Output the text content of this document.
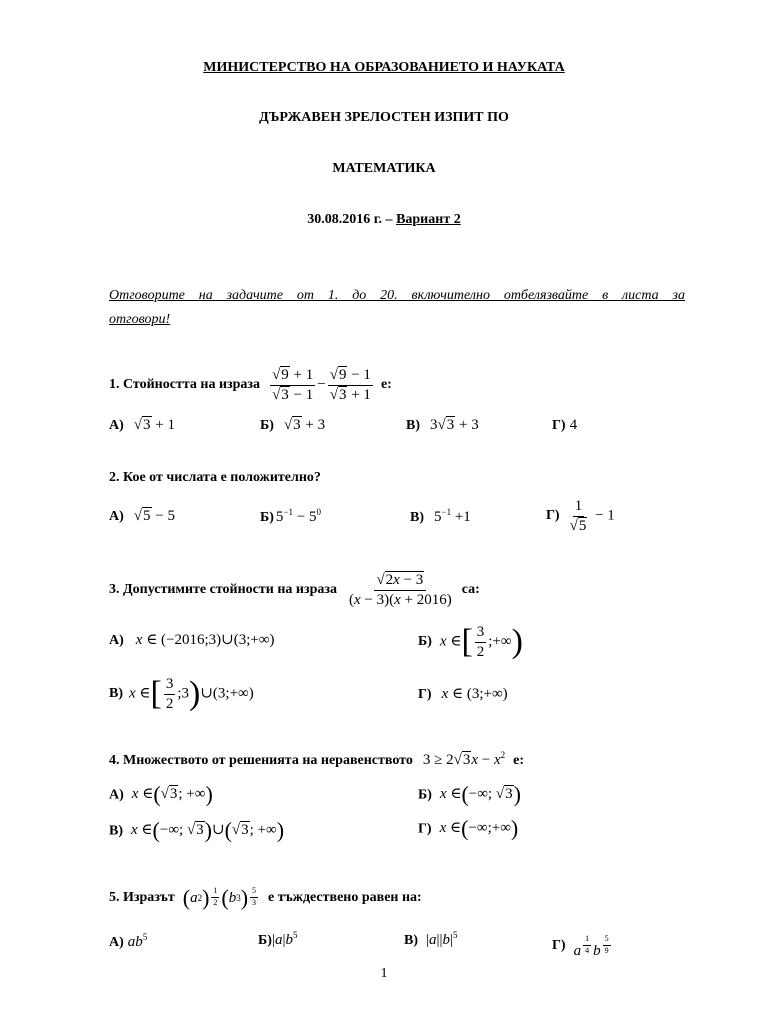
МИНИСТЕРСТВО НА ОБРАЗОВАНИЕТО И НАУКАТА
ДЪРЖАВЕН ЗРЕЛОСТЕН ИЗПИТ ПО
МАТЕМАТИКА
30.08.2016 г. – Вариант 2
Отговорите на задачите от 1. до 20. включително отбелязвайте в листа за
отговори!
1. Стойността на израза $\frac{√9 + 1}{√3 - 1} - \frac{√9 - 1}{√3 + 1} е$:
А) √3 + 1	Б) √3 + 3	В) 3√3 + 3	Г) 4
2. Кое от числата е положително?
А) √5 − 5	Б) $5^{-1} - 5^0$	В) $5^{-1} +1$	$Г) \frac{1}{√5} - 1$
3. Допустимите стойности на израза $\frac{√2x - 3}{(x - 3)(x + 2016)}$ са:
А) x ∈ (−2016;3)∪(3;+∞)	Б) x ∈[ $\frac{3}{2}$ ;+∞)
В) x ∈[ $\frac{3}{2}$ ;3)∪(3;+∞)	Г) x ∈ (3;+∞)
4. Множеството от решенията на неравенството $3 \ge 2√3x - x^2$ е:
А) x ∈(√3; +∞)	Б) x ∈(−∞; √3)
В) x ∈(−∞; √3)∪(√3; +∞)	Г) x ∈(−∞;+∞)
5. Изразът ( a 2 ) $\frac{1}{2}$ ( b 3 ) $\frac{5}{3}$ е тъждествено равен на:
А) $ab^5$	$Б)|a|b^5$	В) $|a||b|^5$
Г) a $\frac{1}{4}$ b $\frac{5}{9}$
1
